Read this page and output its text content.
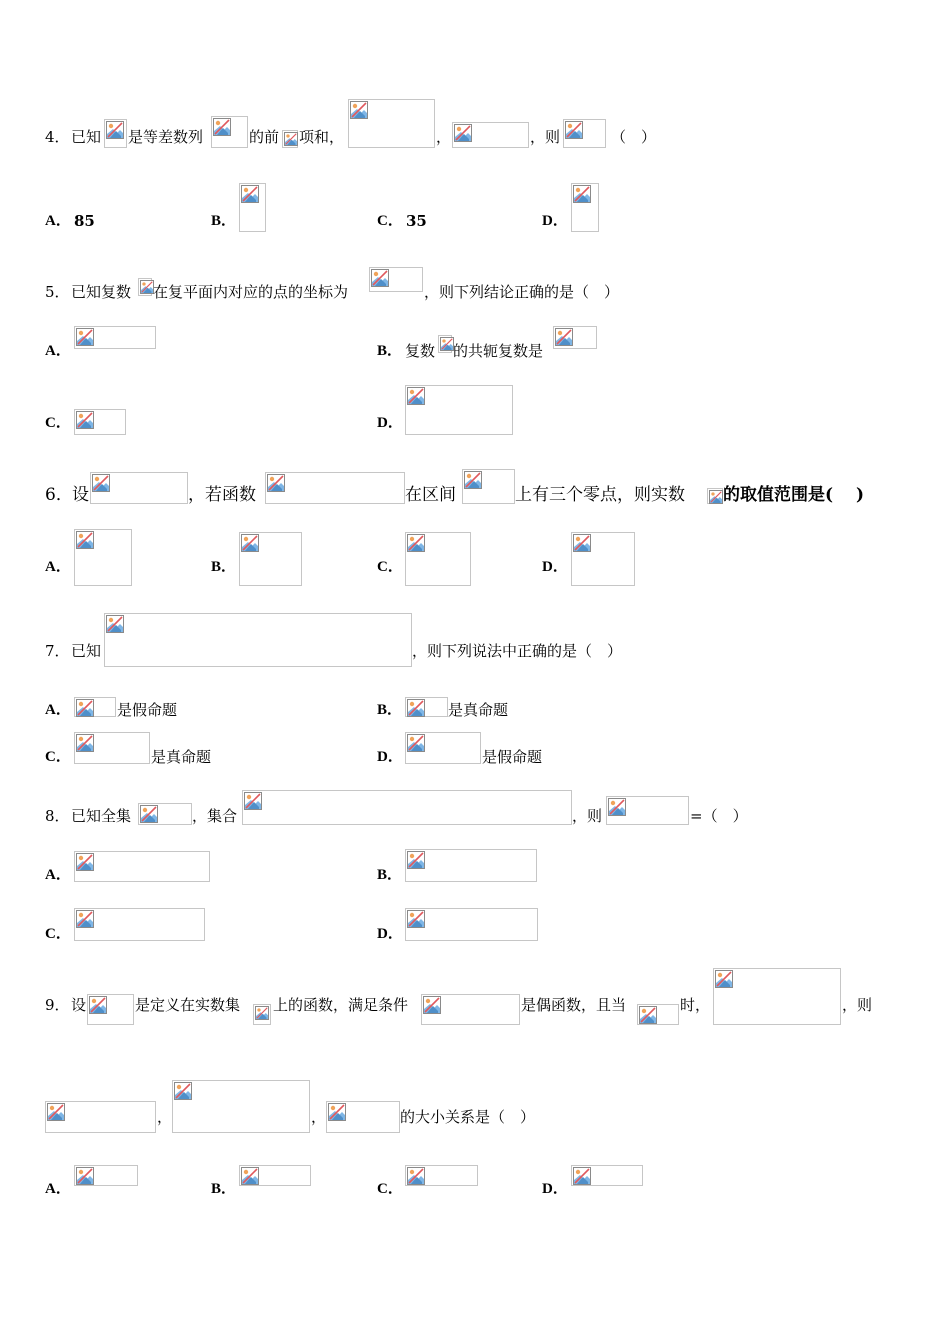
4． 已知 是等差数列	的前 项和，	，	，则	（　）
A． 85	B．	C． 35	D．
5． 已知复数 在复平面内对应的点的坐标为	，则下列结论正确的是（　）
A．	B． 复数 的共轭复数是
C．	D．
6． 设	，若函数	在区间	上有三个零点，则实数 的取值范围是(　 )
A．	B．	C．	D．
7． 已知	，则下列说法中正确的是（　）
A．	是假命题	B．	是真命题
C．	是真命题	D．	是假命题
8． 已知全集	，集合	，则	=（　）
A．	B．
C．	D．
9． 设	是定义在实数集 上的函数，满足条件	是偶函数，且当	时，	，则
，	，	的大小关系是（　）
A．	B．	C．	D．
